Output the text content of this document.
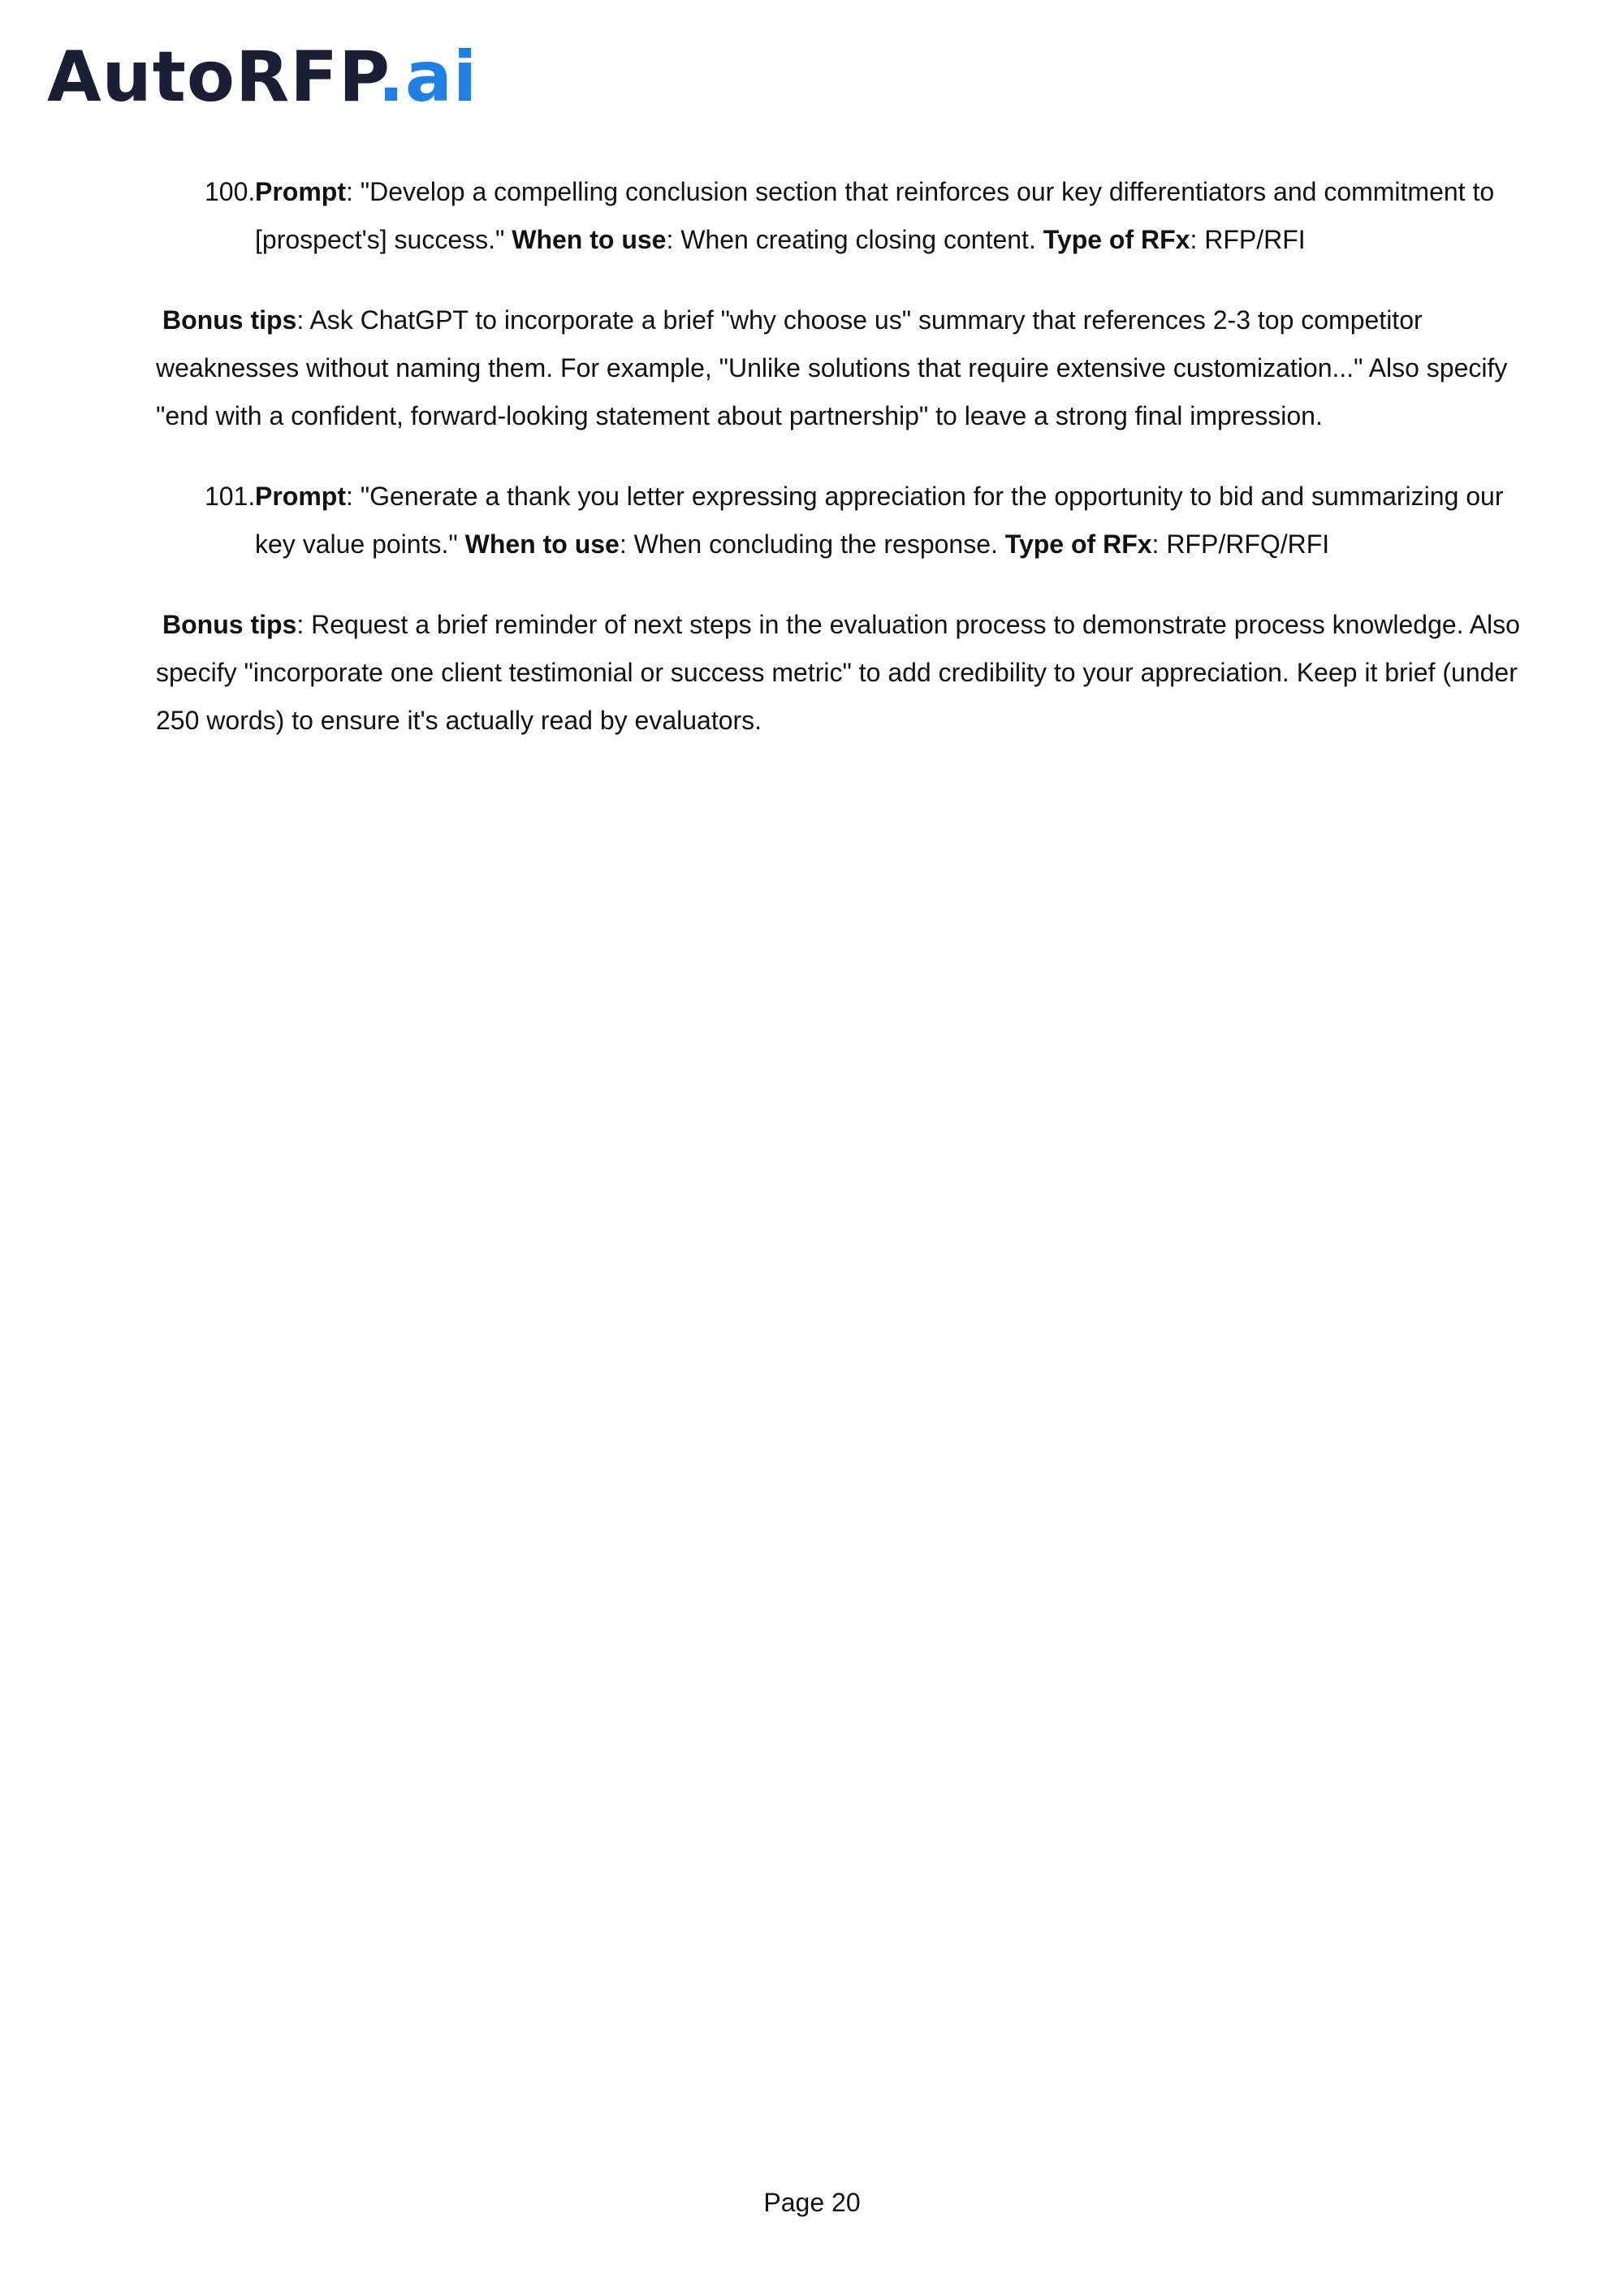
AutoRFP.ai

100. Prompt: "Develop a compelling conclusion section that reinforces our key differentiators and commitment to [prospect's] success." When to use: When creating closing content. Type of RFx: RFP/RFI

Bonus tips: Ask ChatGPT to incorporate a brief "why choose us" summary that references 2-3 top competitor weaknesses without naming them. For example, "Unlike solutions that require extensive customization..." Also specify "end with a confident, forward-looking statement about partnership" to leave a strong final impression.

101. Prompt: "Generate a thank you letter expressing appreciation for the opportunity to bid and summarizing our key value points." When to use: When concluding the response. Type of RFx: RFP/RFQ/RFI

Bonus tips: Request a brief reminder of next steps in the evaluation process to demonstrate process knowledge. Also specify "incorporate one client testimonial or success metric" to add credibility to your appreciation. Keep it brief (under 250 words) to ensure it's actually read by evaluators.

Page 20
